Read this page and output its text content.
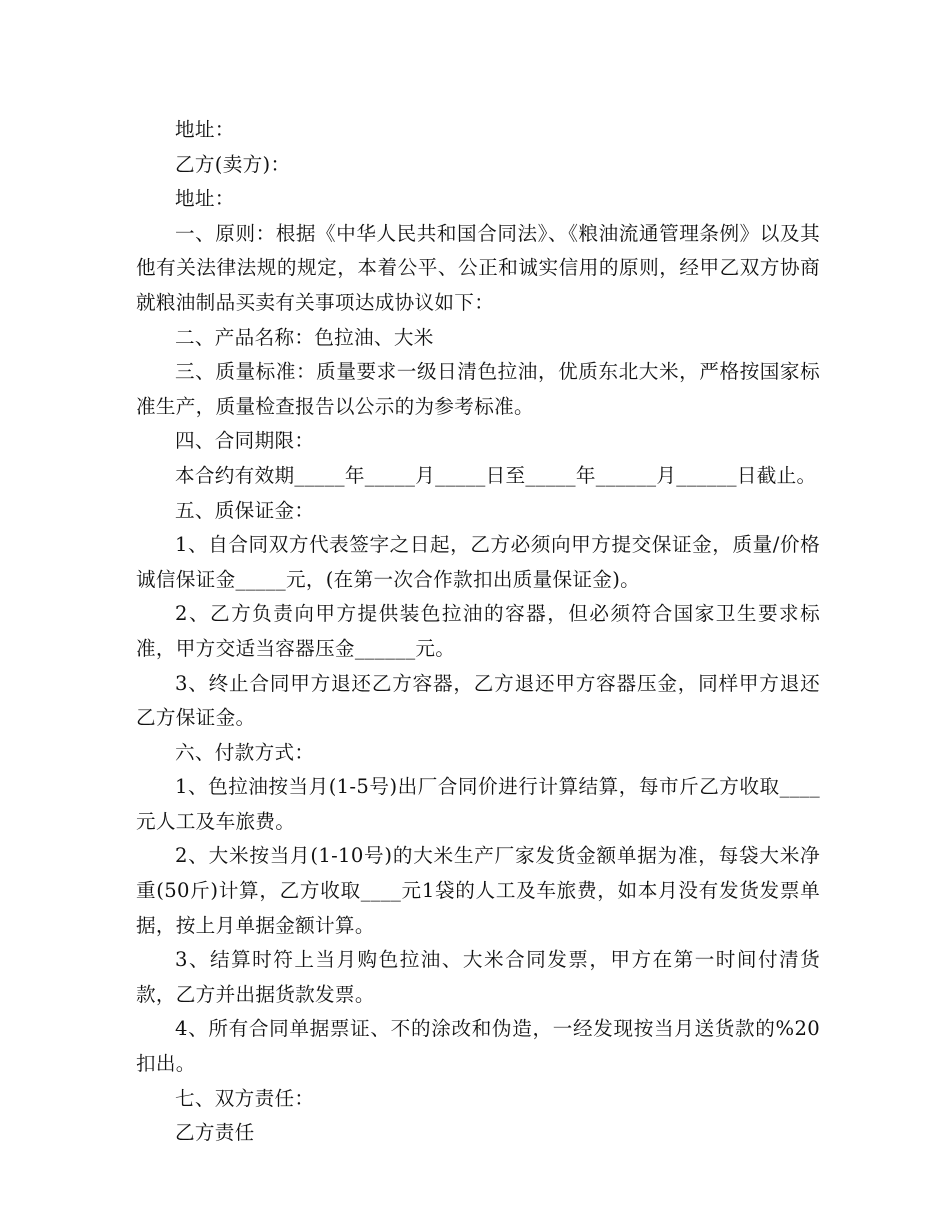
地址：

乙方(卖方)：

地址：

一、原则：根据《中华人民共和国合同法》、《粮油流通管理条例》以及其他有关法律法规的规定，本着公平、公正和诚实信用的原则，经甲乙双方协商就粮油制品买卖有关事项达成协议如下：

二、产品名称：色拉油、大米

三、质量标准：质量要求一级日清色拉油，优质东北大米，严格按国家标准生产，质量检查报告以公示的为参考标准。

四、合同期限：

本合约有效期_____年_____月_____日至_____年______月______日截止。

五、质保证金：

1、自合同双方代表签字之日起，乙方必须向甲方提交保证金，质量/价格诚信保证金_____元，(在第一次合作款扣出质量保证金)。

2、乙方负责向甲方提供装色拉油的容器，但必须符合国家卫生要求标准，甲方交适当容器压金______元。

3、终止合同甲方退还乙方容器，乙方退还甲方容器压金，同样甲方退还乙方保证金。

六、付款方式：

1、色拉油按当月(1-5号)出厂合同价进行计算结算，每市斤乙方收取____元人工及车旅费。

2、大米按当月(1-10号)的大米生产厂家发货金额单据为准，每袋大米净重(50斤)计算，乙方收取____元1袋的人工及车旅费，如本月没有发货发票单据，按上月单据金额计算。

3、结算时符上当月购色拉油、大米合同发票，甲方在第一时间付清货款，乙方并出据货款发票。

4、所有合同单据票证、不的涂改和伪造，一经发现按当月送货款的%20扣出。

七、双方责任：

乙方责任
